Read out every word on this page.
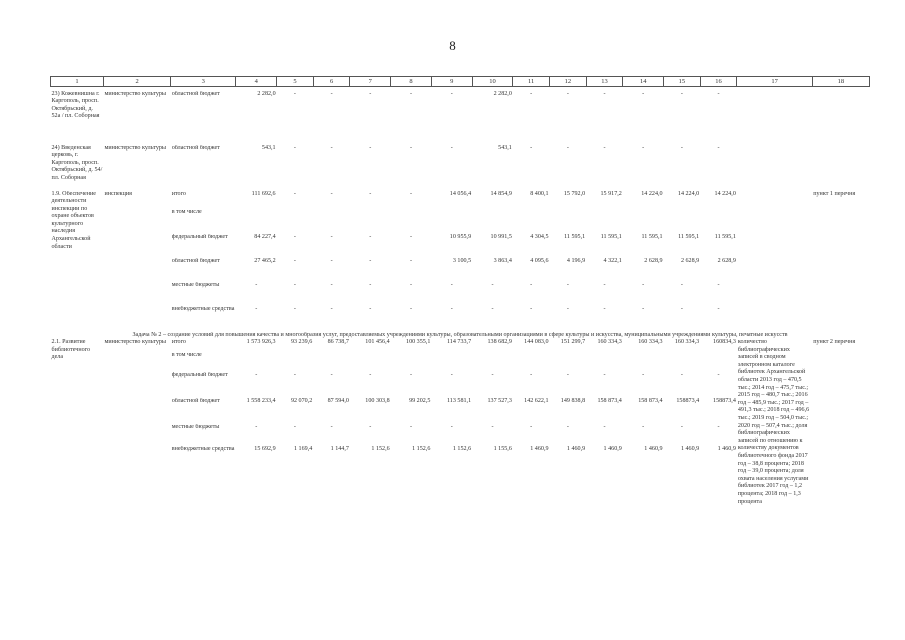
8
1	2	3	4	5	6	7	8	9	10	11	12	13	14	15	16	17	18

23) Кожевнишна г. Каргополь, просп. Октябрьский, д. 52а / пл. Соборная	министерство культуры	областной бюджет	2 282,0	-	-	-	-	-	2 282,0	-	-	-	-	-	-		
24) Введенская церковь, г. Каргополь, просп. Октябрьский, д. 54/ пл. Соборная	министерство культуры	областной бюджет	543,1	-	-	-	-	-	543,1	-	-	-	-	-	-		
1.9. Обеспечение деятельности инспекции по охране объектов культурного наследия Архангельской области	инспекция	итого	111 692,6	-	-	-	-	14 056,4	14 854,9	8 400,1	15 792,0	15 917,2	14 224,0	14 224,0	14 224,0		пункт 1 перечня
		в том числе															
		федеральный бюджет	84 227,4	-	-	-	-	10 955,9	10 991,5	4 304,5	11 595,1	11 595,1	11 595,1	11 595,1	11 595,1		
		областной бюджет	27 465,2	-	-	-	-	3 100,5	3 863,4	4 095,6	4 196,9	4 322,1	2 628,9	2 628,9	2 628,9		
		местные бюджеты	-	-	-	-	-	-	-	-	-	-	-	-	-		
		внебюджетные средства	-	-	-	-	-	-	-	-	-	-	-	-	-		
Задача № 2 – создание условий для повышения качества и многообразия услуг, предоставляемых учреждениями культуры, образовательными организациями в сфере культуры и искусства, муниципальными учреждениями культуры, печатные искусств																	
2.1. Развитие библиотечного дела	министерство культуры	итого	1 573 926,3	93 239,6	86 738,7	101 456,4	100 355,1	114 733,7	138 682,9	144 083,0	151 299,7	160 334,3	160 334,3	160 334,3	160834,3	количество библиографических записей в сводном электронном каталоге библиотек Архангельской области 2013 год – 470,5 тыс.; 2014 год – 475,7 тыс.; 2015 год – 480,7 тыс.; 2016 год – 485,9 тыс.; 2017 год – 491,3 тыс.; 2018 год – 496,6 тыс.; 2019 год – 504,0 тыс.; 2020 год – 507,4 тыс.; доля библиографических записей по отношению к количеству документов библиотечного фонда 2017 год – 38,8 процента; 2018 год – 39,0 процента; доля охвата населения услугами библиотек 2017 год – 1,2 процента; 2018 год – 1,3 процента	пункт 2 перечня
		в том числе															
		федеральный бюджет	-	-	-	-	-	-	-	-	-	-	-	-	-		
		областной бюджет	1 558 233,4	92 070,2	87 594,0	100 303,8	99 202,5	113 581,1	137 527,3	142 622,1	149 838,8	158 873,4	158 873,4	158873,4	158873,4		
		местные бюджеты	-	-	-	-	-	-	-	-	-	-	-	-	-		
		внебюджетные средства	15 692,9	1 169,4	1 144,7	1 152,6	1 152,6	1 152,6	1 155,6	1 460,9	1 460,9	1 460,9	1 460,9	1 460,9	1 460,9		
